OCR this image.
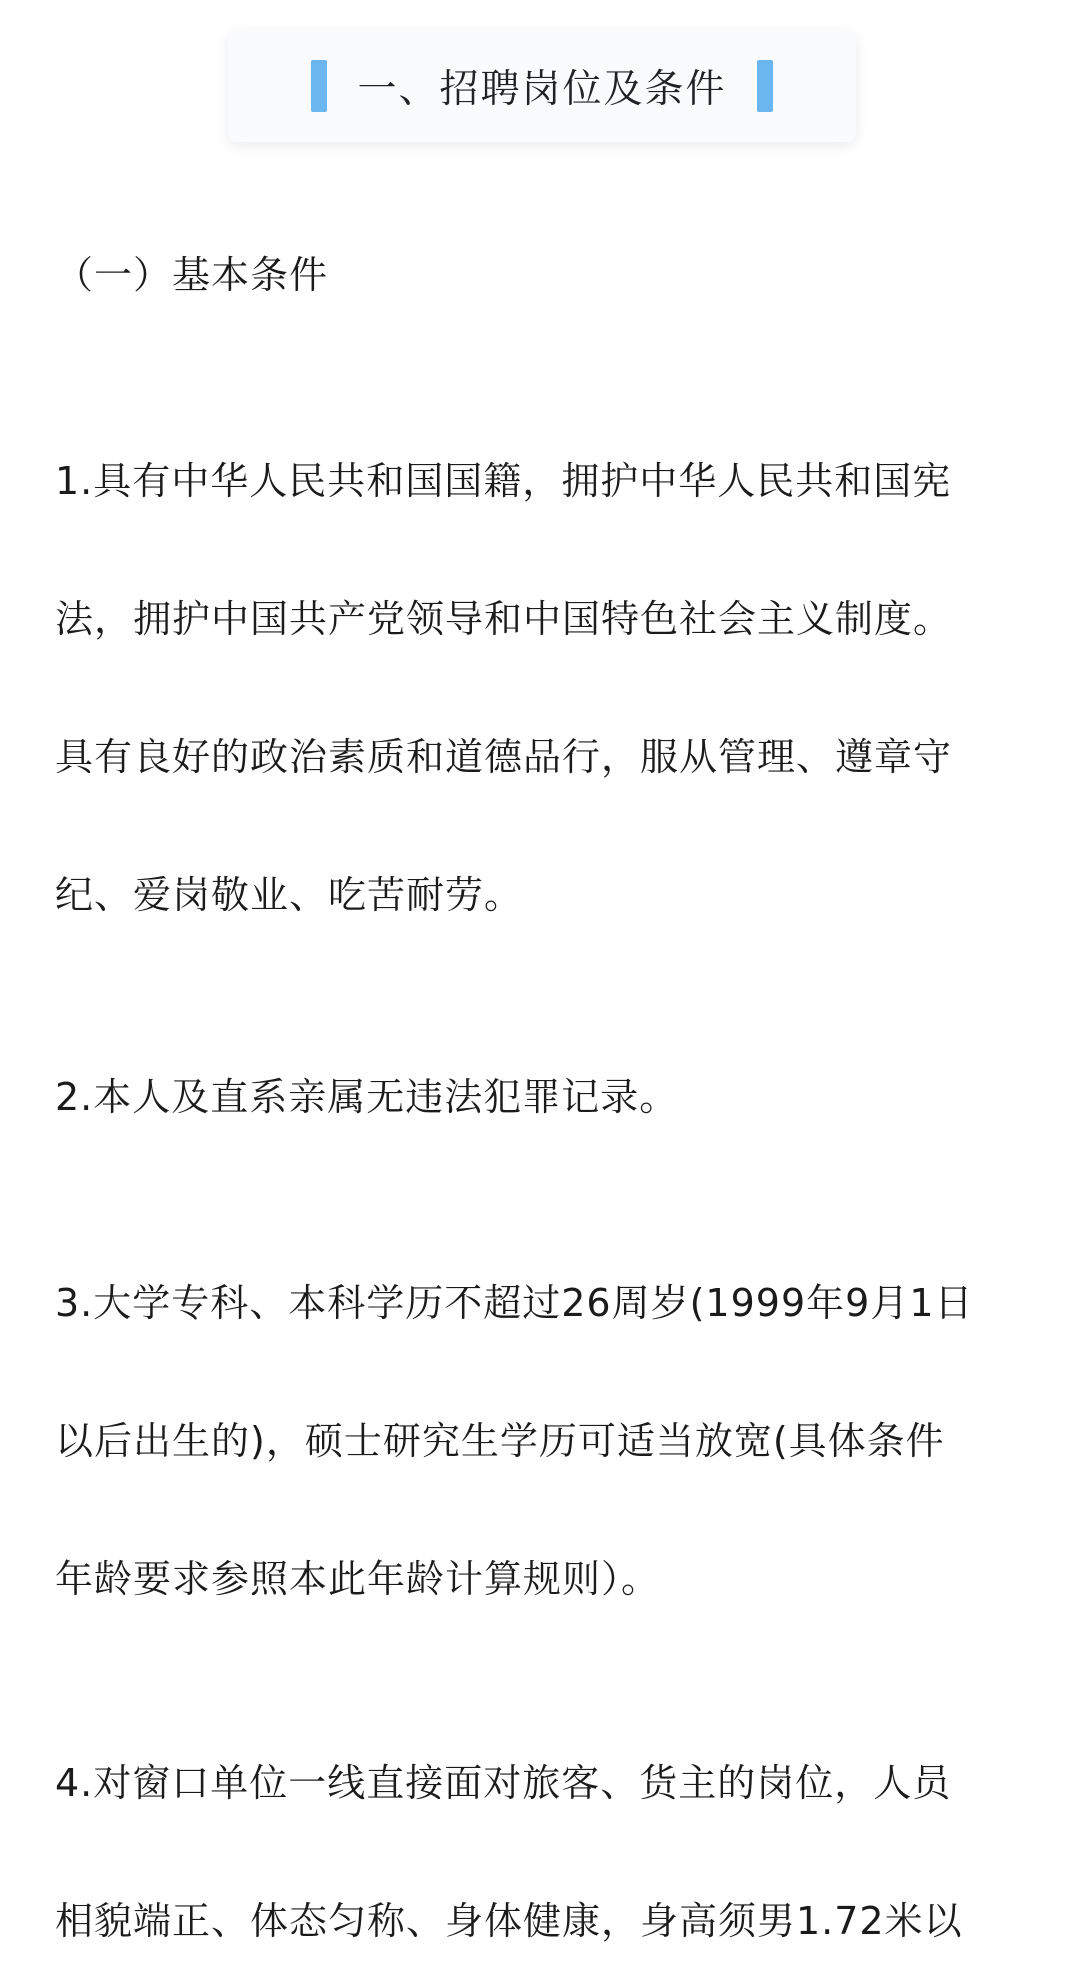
一、招聘岗位及条件
（一）基本条件
1.具有中华人民共和国国籍，拥护中华人民共和国宪
法，拥护中国共产党领导和中国特色社会主义制度。
具有良好的政治素质和道德品行，服从管理、遵章守
纪、爱岗敬业、吃苦耐劳。
2.本人及直系亲属无违法犯罪记录。
3.大学专科、本科学历不超过26周岁(1999年9月1日
以后出生的)，硕士研究生学历可适当放宽(具体条件
年龄要求参照本此年龄计算规则）。
4.对窗口单位一线直接面对旅客、货主的岗位，人员
相貌端正、体态匀称、身体健康，身高须男1.72米以
